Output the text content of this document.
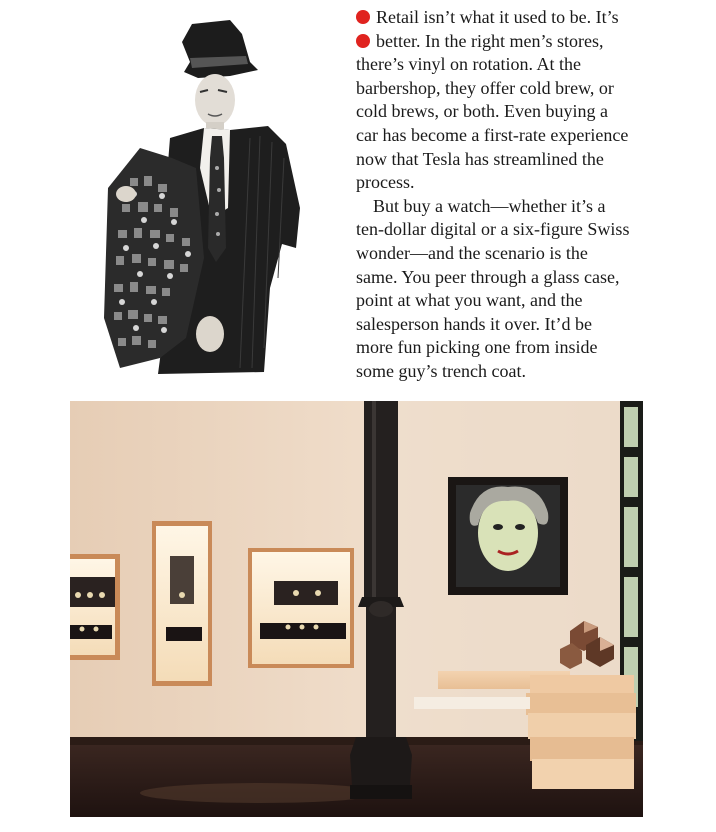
Retail isn’t what it used to be. It’s
better. In the right men’s stores,
there’s vinyl on rotation. At the
barbershop, they offer cold brew, or
cold brews, or both. Even buying a
car has become a first-rate experience
now that Tesla has streamlined the
process.

But buy a watch—whether it’s a
ten-dollar digital or a six-figure Swiss
wonder—and the scenario is the
same. You peer through a glass case,
point at what you want, and the
salesperson hands it over. It’d be
more fun picking one from inside
some guy’s trench coat.
